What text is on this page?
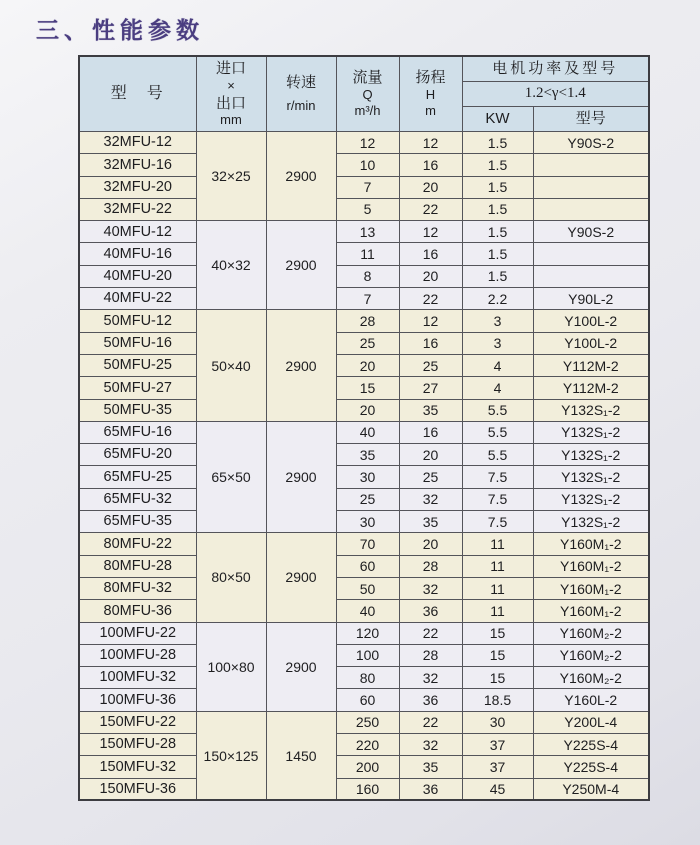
三、性能参数
型　号	进口
×
出口
mm	转速
r/min	流量
Q
m³/h	扬程
H
m	电机功率及型号	

1.2<γ<1.4	

KW	型号

32MFU-12	32×25	2900	12	12	1.5	Y90S-2
32MFU-16			10	16	1.5	
32MFU-20			7	20	1.5	
32MFU-22			5	22	1.5	
40MFU-12	40×32	2900	13	12	1.5	Y90S-2
40MFU-16			11	16	1.5	
40MFU-20			8	20	1.5	
40MFU-22			7	22	2.2	Y90L-2
50MFU-12	50×40	2900	28	12	3	Y100L-2
50MFU-16			25	16	3	Y100L-2
50MFU-25			20	25	4	Y112M-2
50MFU-27			15	27	4	Y112M-2
50MFU-35			20	35	5.5	Y132S₁-2
65MFU-16	65×50	2900	40	16	5.5	Y132S₁-2
65MFU-20			35	20	5.5	Y132S₁-2
65MFU-25			30	25	7.5	Y132S₁-2
65MFU-32			25	32	7.5	Y132S₁-2
65MFU-35			30	35	7.5	Y132S₁-2
80MFU-22	80×50	2900	70	20	11	Y160M₁-2
80MFU-28			60	28	11	Y160M₁-2
80MFU-32			50	32	11	Y160M₁-2
80MFU-36			40	36	11	Y160M₁-2
100MFU-22	100×80	2900	120	22	15	Y160M₂-2
100MFU-28			100	28	15	Y160M₂-2
100MFU-32			80	32	15	Y160M₂-2
100MFU-36			60	36	18.5	Y160L-2
150MFU-22	150×125	1450	250	22	30	Y200L-4
150MFU-28			220	32	37	Y225S-4
150MFU-32			200	35	37	Y225S-4
150MFU-36			160	36	45	Y250M-4
